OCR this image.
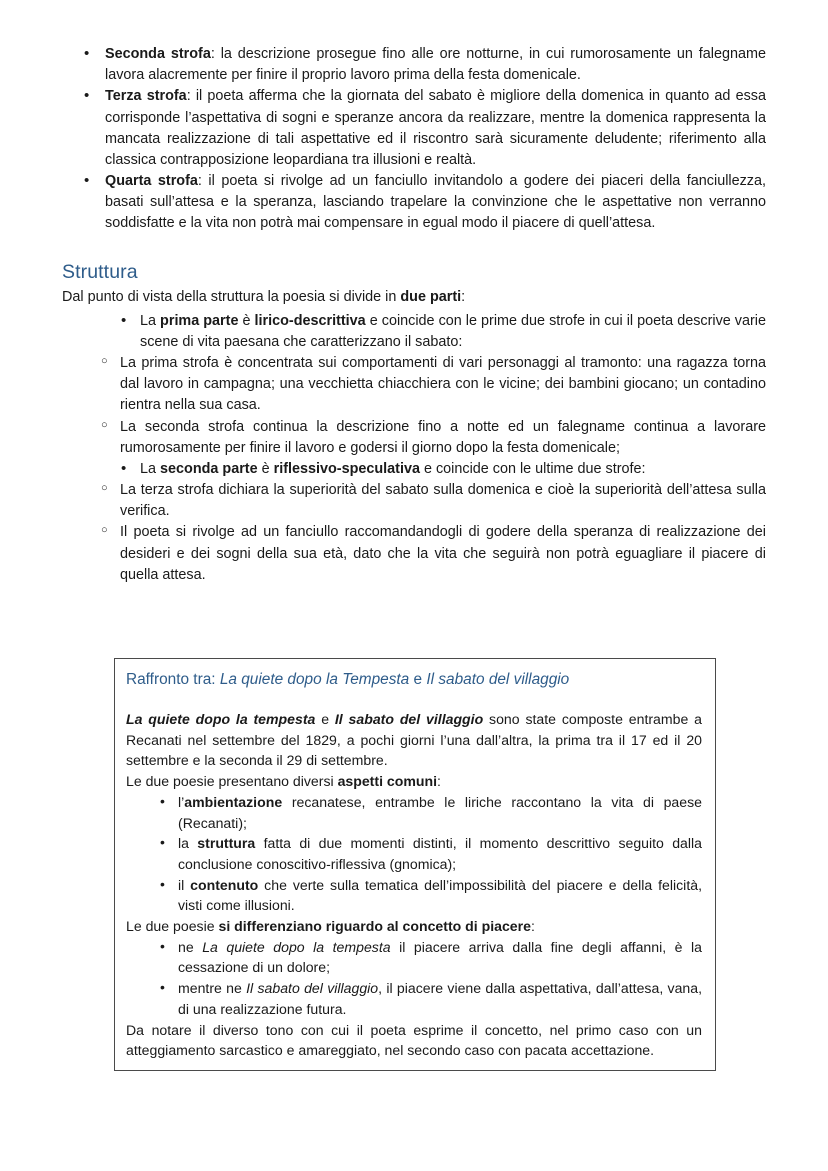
• Seconda strofa: la descrizione prosegue fino alle ore notturne, in cui rumorosamente un falegname lavora alacremente per finire il proprio lavoro prima della festa domenicale.
• Terza strofa: il poeta afferma che la giornata del sabato è migliore della domenica in quanto ad essa corrisponde l’aspettativa di sogni e speranze ancora da realizzare, mentre la domenica rappresenta la mancata realizzazione di tali aspettative ed il riscontro sarà sicuramente deludente; riferimento alla classica contrapposizione leopardiana tra illusioni e realtà.
• Quarta strofa: il poeta si rivolge ad un fanciullo invitandolo a godere dei piaceri della fanciullezza, basati sull’attesa e la speranza, lasciando trapelare la convinzione che le aspettative non verranno soddisfatte e la vita non potrà mai compensare in egual modo il piacere di quell’attesa.
Struttura

Dal punto di vista della struttura la poesia si divide in due parti:

• La prima parte è lirico-descrittiva e coincide con le prime due strofe in cui il poeta descrive varie scene di vita paesana che caratterizzano il sabato:
○ La prima strofa è concentrata sui comportamenti di vari personaggi al tramonto: una ragazza torna dal lavoro in campagna; una vecchietta chiacchiera con le vicine; dei bambini giocano; un contadino rientra nella sua casa.
○ La seconda strofa continua la descrizione fino a notte ed un falegname continua a lavorare rumorosamente per finire il lavoro e godersi il giorno dopo la festa domenicale;
• La seconda parte è riflessivo-speculativa e coincide con le ultime due strofe:
○ La terza strofa dichiara la superiorità del sabato sulla domenica e cioè la superiorità dell’attesa sulla verifica.
○ Il poeta si rivolge ad un fanciullo raccomandandogli di godere della speranza di realizzazione dei desideri e dei sogni della sua età, dato che la vita che seguirà non potrà eguagliare il piacere di quella attesa.
Raffronto tra: La quiete dopo la Tempesta e Il sabato del villaggio

La quiete dopo la tempesta e Il sabato del villaggio sono state composte entrambe a Recanati nel settembre del 1829, a pochi giorni l’una dall’altra, la prima tra il 17 ed il 20 settembre e la seconda il 29 di settembre.

Le due poesie presentano diversi aspetti comuni:

• l’ambientazione recanatese, entrambe le liriche raccontano la vita di paese (Recanati);
• la struttura fatta di due momenti distinti, il momento descrittivo seguito dalla conclusione conoscitivo-riflessiva (gnomica);
• il contenuto che verte sulla tematica dell’impossibilità del piacere e della felicità, visti come illusioni.

Le due poesie si differenziano riguardo al concetto di piacere:

• ne La quiete dopo la tempesta il piacere arriva dalla fine degli affanni, è la cessazione di un dolore;
• mentre ne Il sabato del villaggio, il piacere viene dalla aspettativa, dall’attesa, vana, di una realizzazione futura.

Da notare il diverso tono con cui il poeta esprime il concetto, nel primo caso con un atteggiamento sarcastico e amareggiato, nel secondo caso con pacata accettazione.
